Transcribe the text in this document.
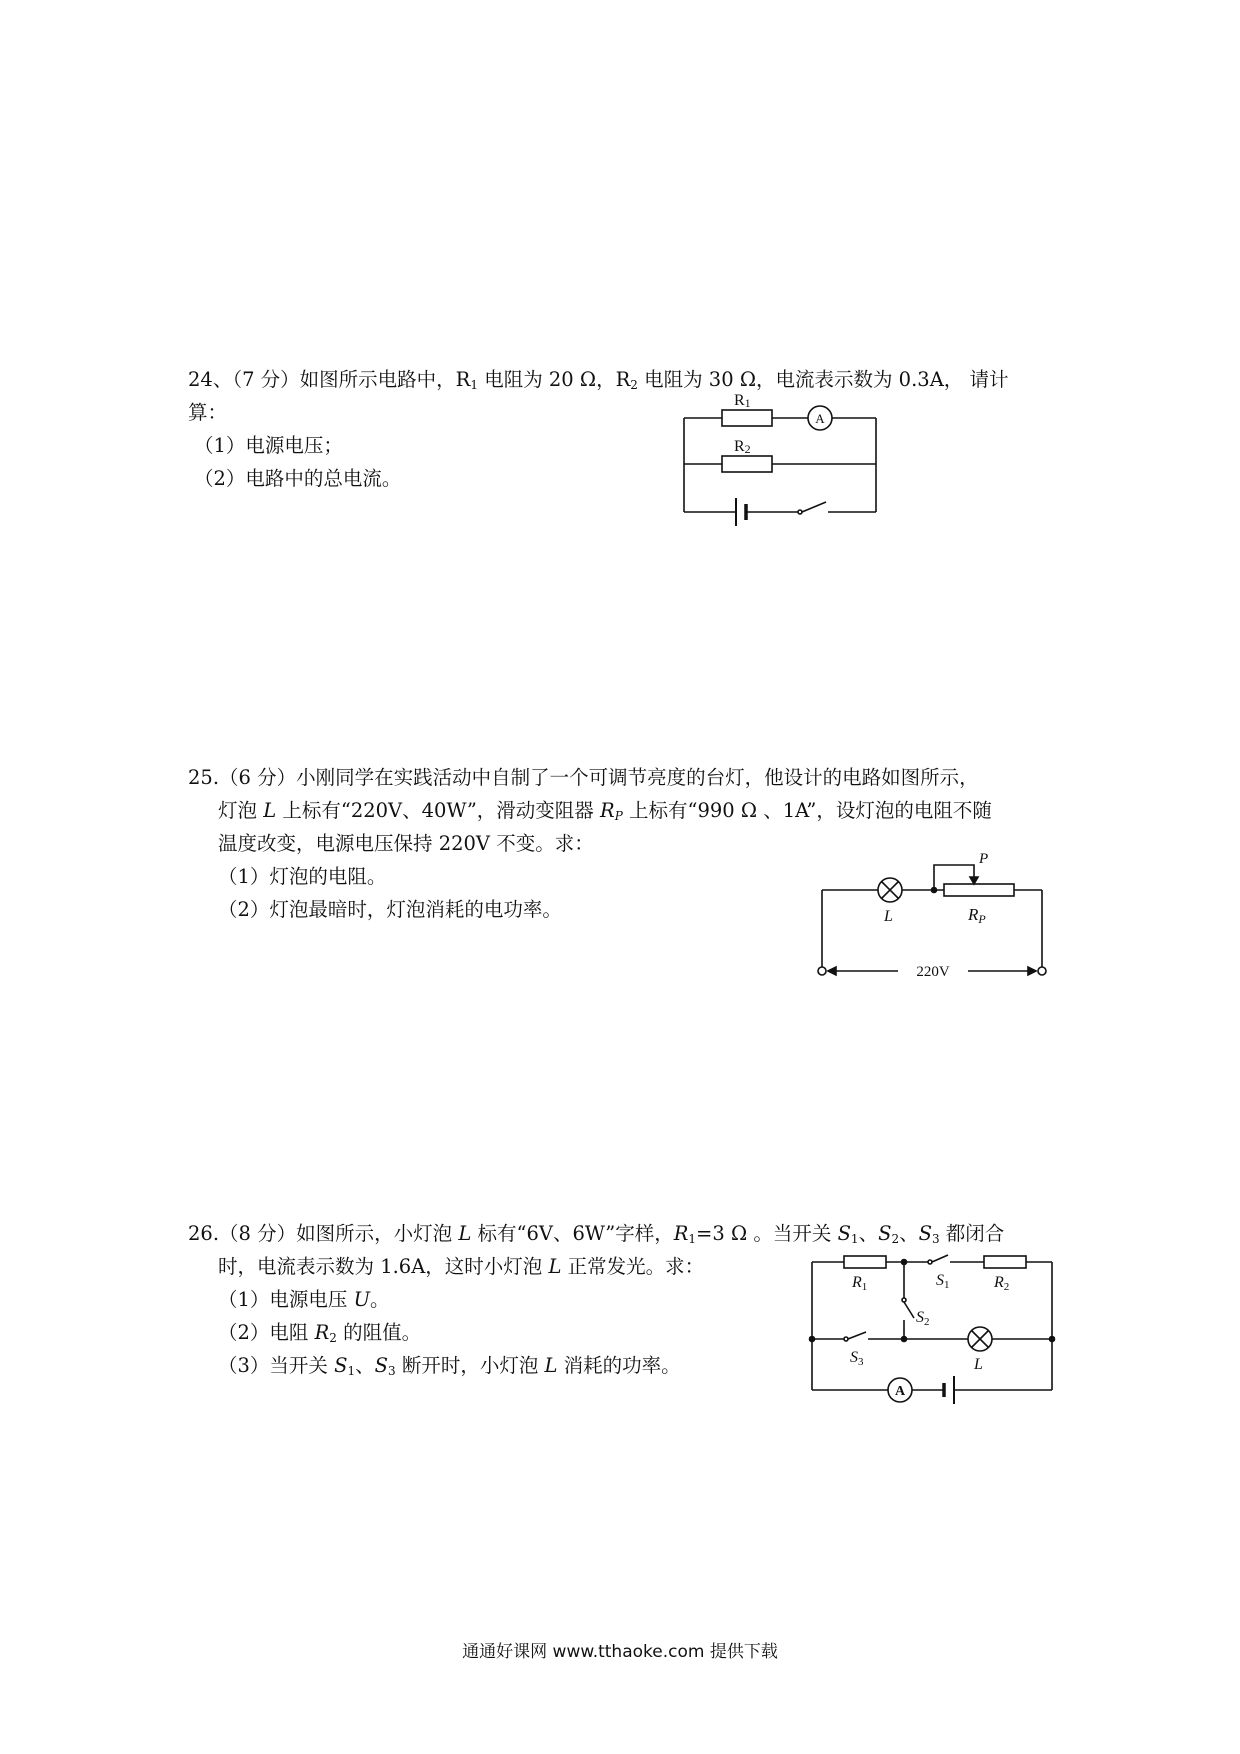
24、（7 分）如图所示电路中，$R_1$ 电阻为 20 Ω，$R_2$ 电阻为 30 Ω，电流表示数为 0.3A， 请计

算：

（1）电源电压；

（2）电路中的总电流。

R1
R2
A

25.（6 分）小刚同学在实践活动中自制了一个可调节亮度的台灯，他设计的电路如图所示，

灯泡 L 上标有“220V、40W”，滑动变阻器 $R_P$ 上标有“990 Ω 、1A”，设灯泡的电阻不随

温度改变，电源电压保持 220V 不变。求：

（1）灯泡的电阻。

（2）灯泡最暗时，灯泡消耗的电功率。	L
P
RP
220V

26.（8 分）如图所示，小灯泡 L 标有“6V、6W”字样，$R_1=3$ Ω 。当开关 $S_1$、$S_2$、$S_3$ 都闭合

时，电流表示数为 1.6A，这时小灯泡 L 正常发光。求：

（1）电源电压 U。

（2）电阻 $R_2$ 的阻值。

（3）当开关 $S_1$、$S_3$ 断开时，小灯泡 L 消耗的功率。

R1	S1	R2
S2
S3	L
A
通通好课网 www.tthaoke.com 提供下载
